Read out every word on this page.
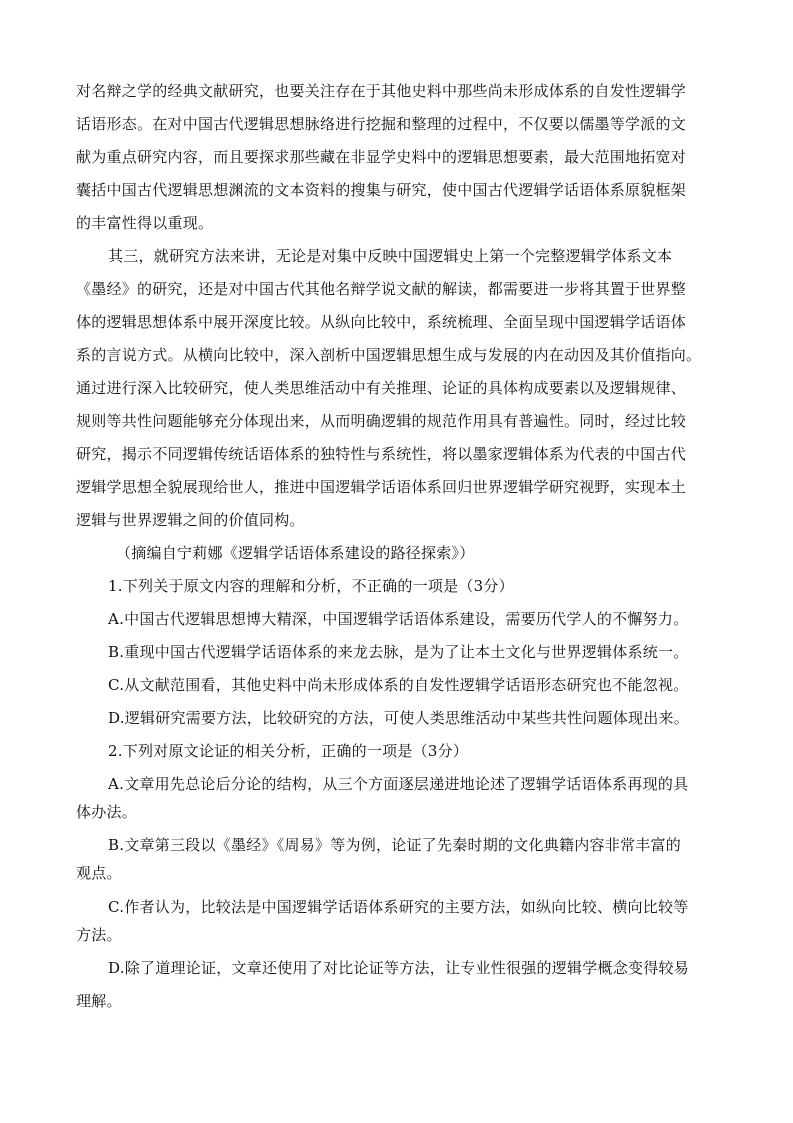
对名辩之学的经典文献研究，也要关注存在于其他史料中那些尚未形成体系的自发性逻辑学
话语形态。在对中国古代逻辑思想脉络进行挖掘和整理的过程中，不仅要以儒墨等学派的文
献为重点研究内容，而且要探求那些藏在非显学史料中的逻辑思想要素，最大范围地拓宽对
囊括中国古代逻辑思想渊流的文本资料的搜集与研究，使中国古代逻辑学话语体系原貌框架
的丰富性得以重现。
其三，就研究方法来讲，无论是对集中反映中国逻辑史上第一个完整逻辑学体系文本
《墨经》的研究，还是对中国古代其他名辩学说文献的解读，都需要进一步将其置于世界整
体的逻辑思想体系中展开深度比较。从纵向比较中，系统梳理、全面呈现中国逻辑学话语体
系的言说方式。从横向比较中，深入剖析中国逻辑思想生成与发展的内在动因及其价值指向。
通过进行深入比较研究，使人类思维活动中有关推理、论证的具体构成要素以及逻辑规律、
规则等共性问题能够充分体现出来，从而明确逻辑的规范作用具有普遍性。同时，经过比较
研究，揭示不同逻辑传统话语体系的独特性与系统性，将以墨家逻辑体系为代表的中国古代
逻辑学思想全貌展现给世人，推进中国逻辑学话语体系回归世界逻辑学研究视野，实现本土
逻辑与世界逻辑之间的价值同构。
（摘编自宁莉娜《逻辑学话语体系建设的路径探索》）
1.下列关于原文内容的理解和分析，不正确的一项是（3分）
A.中国古代逻辑思想博大精深，中国逻辑学话语体系建设，需要历代学人的不懈努力。
B.重现中国古代逻辑学话语体系的来龙去脉，是为了让本土文化与世界逻辑体系统一。
C.从文献范围看，其他史料中尚未形成体系的自发性逻辑学话语形态研究也不能忽视。
D.逻辑研究需要方法，比较研究的方法，可使人类思维活动中某些共性问题体现出来。
2.下列对原文论证的相关分析，正确的一项是（3分）
A.文章用先总论后分论的结构，从三个方面逐层递进地论述了逻辑学话语体系再现的具
体办法。
B.文章第三段以《墨经》《周易》等为例，论证了先秦时期的文化典籍内容非常丰富的
观点。
C.作者认为，比较法是中国逻辑学话语体系研究的主要方法，如纵向比较、横向比较等
方法。
D.除了道理论证，文章还使用了对比论证等方法，让专业性很强的逻辑学概念变得较易
理解。
